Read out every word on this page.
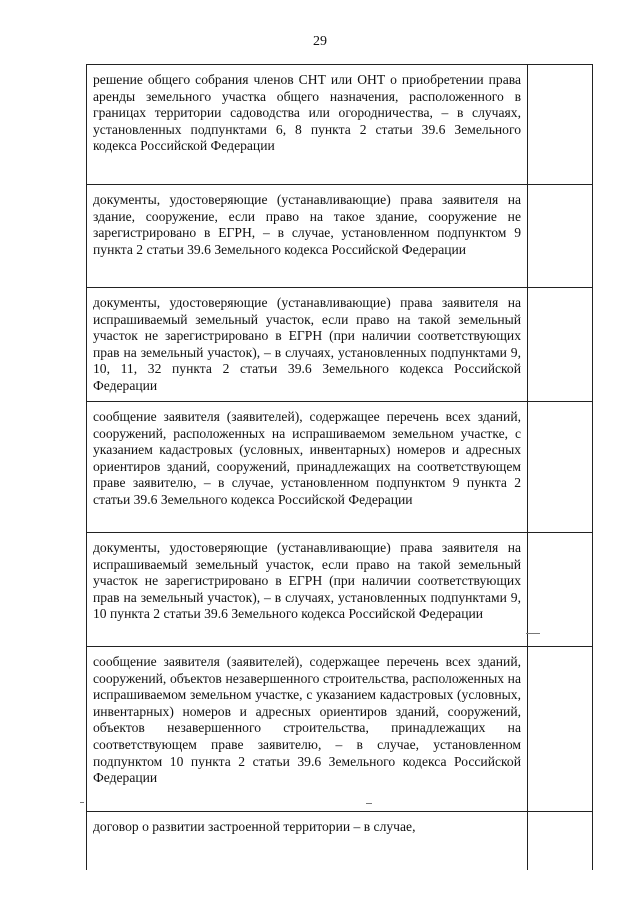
29
решение общего собрания членов СНТ или ОНТ о приобретении права аренды земельного участка общего назначения, расположенного в границах территории садоводства или огородничества, – в случаях, установленных подпунктами 6, 8 пункта 2 статьи 39.6 Земельного кодекса Российской Федерации	
документы, удостоверяющие (устанавливающие) права заявителя на здание, сооружение, если право на такое здание, сооружение не зарегистрировано в ЕГРН, – в случае, установленном подпунктом 9 пункта 2 статьи 39.6 Земельного кодекса Российской Федерации	
документы, удостоверяющие (устанавливающие) права заявителя на испрашиваемый земельный участок, если право на такой земельный участок не зарегистрировано в ЕГРН (при наличии соответствующих прав на земельный участок), – в случаях, установленных подпунктами 9, 10, 11, 32 пункта 2 статьи 39.6 Земельного кодекса Российской Федерации	
сообщение заявителя (заявителей), содержащее перечень всех зданий, сооружений, расположенных на испрашиваемом земельном участке, с указанием кадастровых (условных, инвентарных) номеров и адресных ориентиров зданий, сооружений, принадлежащих на соответствующем праве заявителю, – в случае, установленном подпунктом 9 пункта 2 статьи 39.6 Земельного кодекса Российской Федерации	
документы, удостоверяющие (устанавливающие) права заявителя на испрашиваемый земельный участок, если право на такой земельный участок не зарегистрировано в ЕГРН (при наличии соответствующих прав на земельный участок), – в случаях, установленных подпунктами 9, 10 пункта 2 статьи 39.6 Земельного кодекса Российской Федерации	
сообщение заявителя (заявителей), содержащее перечень всех зданий, сооружений, объектов незавершенного строительства, расположенных на испрашиваемом земельном участке, с указанием кадастровых (условных, инвентарных) номеров и адресных ориентиров зданий, сооружений, объектов незавершенного строительства, принадлежащих на соответствующем праве заявителю, – в случае, установленном подпунктом 10 пункта 2 статьи 39.6 Земельного кодекса Российской Федерации	
договор о развитии застроенной территории – в случае,	
